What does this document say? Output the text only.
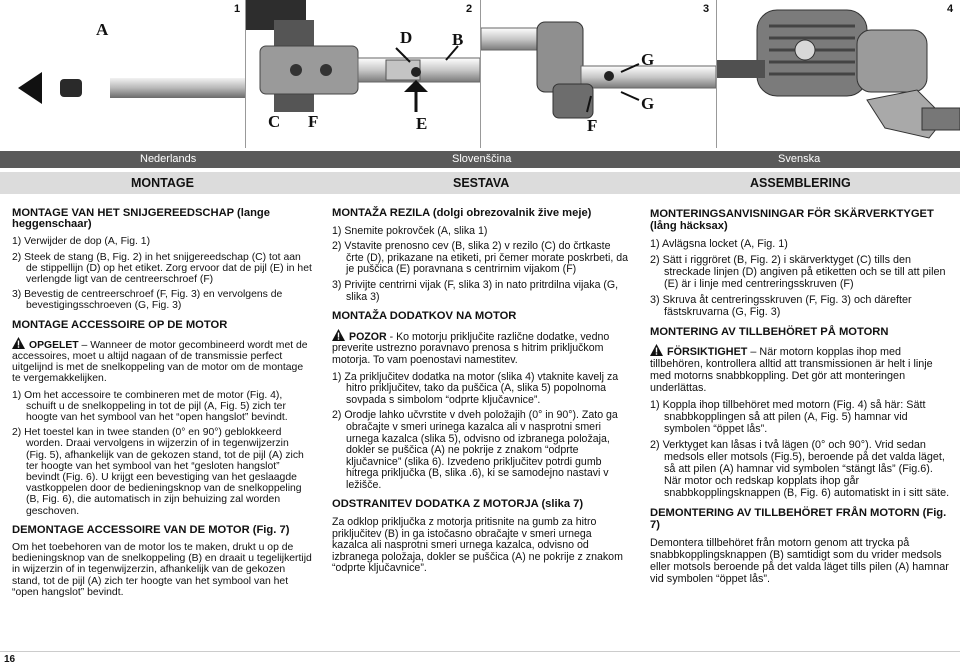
1
A
2
D B
C F	E
3
G
G
F
4
Nederlands	Slovenščina	Svenska
MONTAGE	SESTAVA	ASSEMBLERING
MONTAGE VAN HET SNIJGEREEDSCHAP (lange heggenschaar)
1) Verwijder de dop (A, Fig. 1)
2) Steek de stang (B, Fig. 2) in het snijgereedschap (C) tot aan de stippellijn (D) op het etiket. Zorg ervoor dat de pijl (E) in het verlengde ligt van de centreerschroef (F)
3) Bevestig de centreerschroef (F, Fig. 3) en vervolgens de bevestigingsschroeven (G, Fig. 3)
MONTAGE ACCESSOIRE OP DE MOTOR

OPGELET – Wanneer de motor gecombineerd wordt met de accessoires, moet u altijd nagaan of de transmissie perfect uitgelijnd is met de snelkoppeling van de motor om de montage te vergemakkelijken.

1) Om het accessoire te combineren met de motor (Fig. 4), schuift u de snelkoppeling in tot de pijl (A, Fig. 5) zich ter hoogte van het symbool van het “open hangslot” bevindt.
2) Het toestel kan in twee standen (0° en 90°) geblokkeerd worden. Draai vervolgens in wijzerzin of in tegenwijzerzin (Fig. 5), afhankelijk van de gekozen stand, tot de pijl (A) zich ter hoogte van het symbool van het “gesloten hangslot” bevindt (Fig. 6). U krijgt een bevestiging van het geslaagde vastkoppelen door de bedieningsknop van de snelkoppeling (B, Fig. 6), die automatisch in zijn behuizing zal worden geschoven.
DEMONTAGE ACCESSOIRE VAN DE MOTOR (Fig. 7)

Om het toebehoren van de motor los te maken, drukt u op de bedieningsknop van de snelkoppeling (B) en draait u tegelijkertijd in wijzerzin of in tegenwijzerzin, afhankelijk van de gekozen stand, tot de pijl (A) zich ter hoogte van het symbool van het “open hangslot” bevindt.

MONTAŽA REZILA (dolgi obrezovalnik žive meje)
1) Snemite pokrovček (A, slika 1)
2) Vstavite prenosno cev (B, slika 2) v rezilo (C) do črtkaste črte (D), prikazane na etiketi, pri čemer morate poskrbeti, da je puščica (E) poravnana s centrirnim vijakom (F)
3) Privijte centrirni vijak (F, slika 3) in nato pritrdilna vijaka (G, slika 3)
MONTAŽA DODATKOV NA MOTOR

POZOR - Ko motorju priključite različne dodatke, vedno preverite ustrezno poravnavo prenosa s hitrim priključkom motorja. To vam poenostavi namestitev.

1) Za priključitev dodatka na motor (slika 4) vtaknite kavelj za hitro priključitev, tako da puščica (A, slika 5) popolnoma sovpada s simbolom “odprte ključavnice”.
2) Orodje lahko učvrstite v dveh položajih (0° in 90°). Zato ga obračajte v smeri urinega kazalca ali v nasprotni smeri urnega kazalca (slika 5), odvisno od izbranega položaja, dokler se puščica (A) ne pokrije z znakom “odprte ključavnice” (slika 6). Izvedeno priključitev potrdi gumb hitrega priključka (B, slika .6), ki se samodejno nastavi v ležišče.
ODSTRANITEV DODATKA Z MOTORJA (slika 7)

Za odklop priključka z motorja pritisnite na gumb za hitro priključitev (B) in ga istočasno obračajte v smeri urnega kazalca ali nasprotni smeri urnega kazalca, odvisno od izbranega položaja, dokler se puščica (A) ne pokrije z znakom “odprte ključavnice”.

MONTERINGSANVISNINGAR FÖR SKÄRVERKTYGET (lång häcksax)
1) Avlägsna locket (A, Fig. 1)
2) Sätt i riggröret (B, Fig. 2) i skärverktyget (C) tills den streckade linjen (D) angiven på etiketten och se till att pilen (E) är i linje med centreringsskruven (F)
3) Skruva åt centreringsskruven (F, Fig. 3) och därefter fästskruvarna (G, Fig. 3)
MONTERING AV TILLBEHÖRET PÅ MOTORN

FÖRSIKTIGHET – När motorn kopplas ihop med tillbehören, kontrollera alltid att transmissionen är helt i linje med motorns snabbkoppling. Det gör att monteringen underlättas.

1) Koppla ihop tillbehöret med motorn (Fig. 4) så här: Sätt snabbkopplingen så att pilen (A, Fig. 5) hamnar vid symbolen “öppet lås”.
2) Verktyget kan låsas i två lägen (0° och 90°). Vrid sedan medsols eller motsols (Fig.5), beroende på det valda läget, så att pilen (A) hamnar vid symbolen “stängt lås” (Fig.6). När motor och redskap kopplats ihop går snabbkopplingsknappen (B, Fig. 6) automatiskt in i sitt säte.
DEMONTERING AV TILLBEHÖRET FRÅN MOTORN (Fig. 7)

Demontera tillbehöret från motorn genom att trycka på snabbkopplingsknappen (B) samtidigt som du vrider medsols eller motsols beroende på det valda läget tills pilen (A) hamnar vid symbolen “öppet lås”.

16
